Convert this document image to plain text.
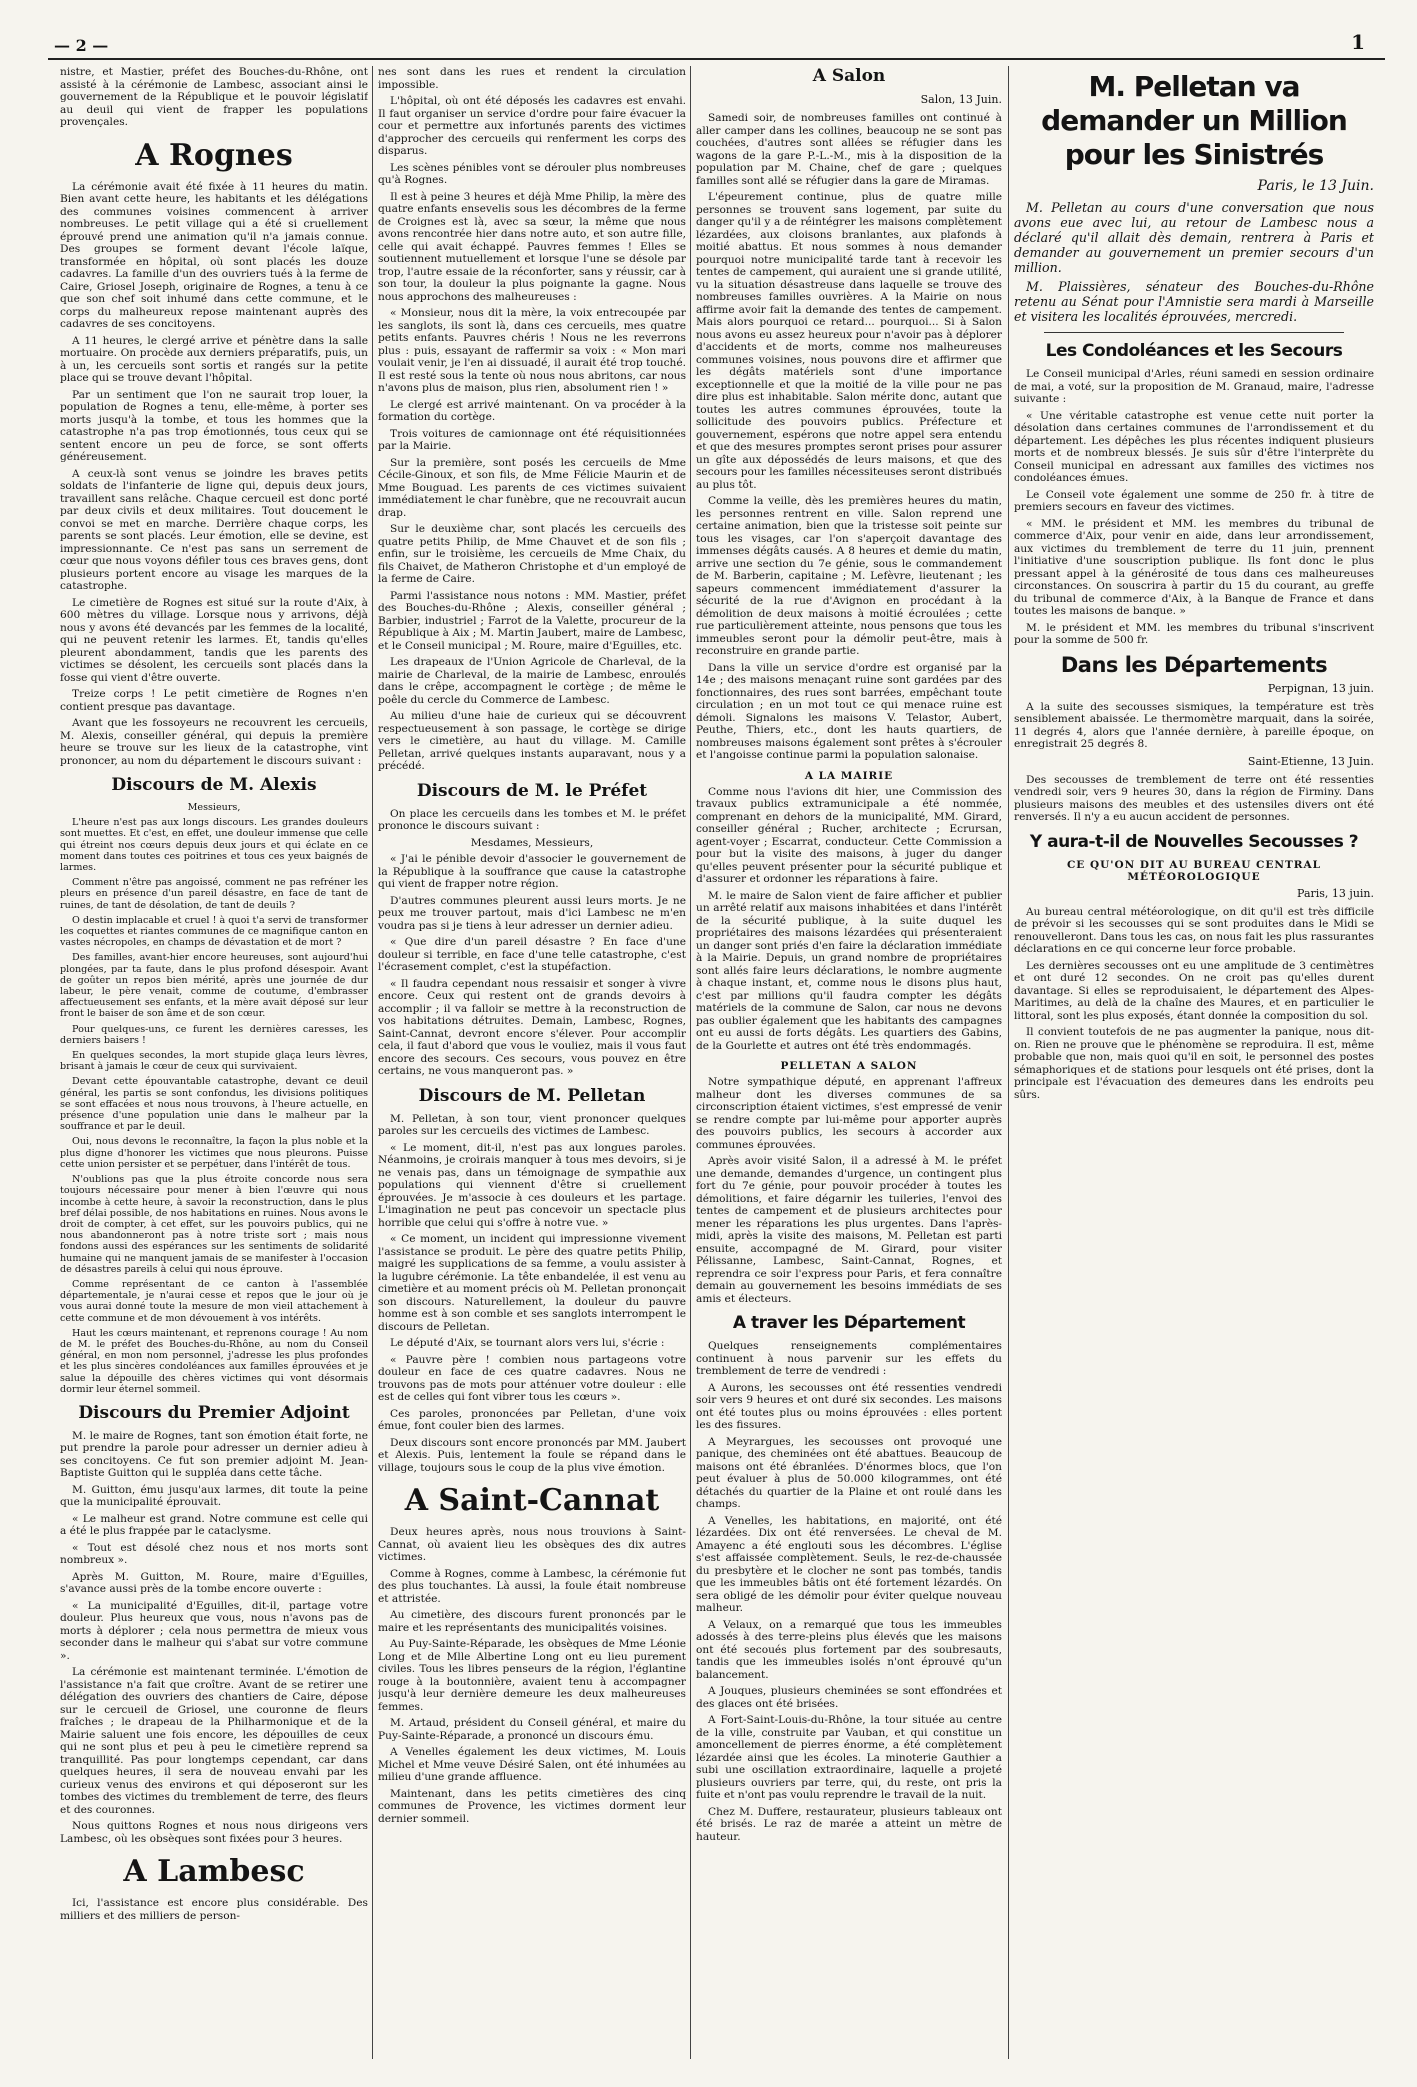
— 2 —	1

nistre, et Mastier, préfet des Bouches-du-Rhône, ont assisté à la cérémonie de Lambesc, associant ainsi le gouvernement de la République et le pouvoir législatif au deuil qui vient de frapper les populations provençales.

A Rognes

La cérémonie avait été fixée à 11 heures du matin. Bien avant cette heure, les habitants et les délégations des communes voisines commencent à arriver nombreuses. Le petit village qui a été si cruellement éprouvé prend une animation qu'il n'a jamais connue. Des groupes se forment devant l'école laïque, transformée en hôpital, où sont placés les douze cadavres. La famille d'un des ouvriers tués à la ferme de Caire, Griosel Joseph, originaire de Rognes, a tenu à ce que son chef soit inhumé dans cette commune, et le corps du malheureux repose maintenant auprès des cadavres de ses concitoyens.

A 11 heures, le clergé arrive et pénètre dans la salle mortuaire. On procède aux derniers préparatifs, puis, un à un, les cercueils sont sortis et rangés sur la petite place qui se trouve devant l'hôpital.

Par un sentiment que l'on ne saurait trop louer, la population de Rognes a tenu, elle-même, à porter ses morts jusqu'à la tombe, et tous les hommes que la catastrophe n'a pas trop émotionnés, tous ceux qui se sentent encore un peu de force, se sont offerts généreusement.

A ceux-là sont venus se joindre les braves petits soldats de l'infanterie de ligne qui, depuis deux jours, travaillent sans relâche. Chaque cercueil est donc porté par deux civils et deux militaires. Tout doucement le convoi se met en marche. Derrière chaque corps, les parents se sont placés. Leur émotion, elle se devine, est impressionnante. Ce n'est pas sans un serrement de cœur que nous voyons défiler tous ces braves gens, dont plusieurs portent encore au visage les marques de la catastrophe.

Le cimetière de Rognes est situé sur la route d'Aix, à 600 mètres du village. Lorsque nous y arrivons, déjà nous y avons été devancés par les femmes de la localité, qui ne peuvent retenir les larmes. Et, tandis qu'elles pleurent abondamment, tandis que les parents des victimes se désolent, les cercueils sont placés dans la fosse qui vient d'être ouverte.

Treize corps ! Le petit cimetière de Rognes n'en contient presque pas davantage.

Avant que les fossoyeurs ne recouvrent les cercueils, M. Alexis, conseiller général, qui depuis la première heure se trouve sur les lieux de la catastrophe, vint prononcer, au nom du département le discours suivant :

Discours de M. Alexis

Messieurs,

L'heure n'est pas aux longs discours. Les grandes douleurs sont muettes. Et c'est, en effet, une douleur immense que celle qui étreint nos cœurs depuis deux jours et qui éclate en ce moment dans toutes ces poitrines et tous ces yeux baignés de larmes.

Comment n'être pas angoissé, comment ne pas refréner les pleurs en présence d'un pareil désastre, en face de tant de ruines, de tant de désolation, de tant de deuils ?

O destin implacable et cruel ! à quoi t'a servi de transformer les coquettes et riantes communes de ce magnifique canton en vastes nécropoles, en champs de dévastation et de mort ?

Des familles, avant-hier encore heureuses, sont aujourd'hui plongées, par ta faute, dans le plus profond désespoir. Avant de goûter un repos bien mérité, après une journée de dur labeur, le père venait, comme de coutume, d'embrasser affectueusement ses enfants, et la mère avait déposé sur leur front le baiser de son âme et de son cœur.

Pour quelques-uns, ce furent les dernières caresses, les derniers baisers !

En quelques secondes, la mort stupide glaça leurs lèvres, brisant à jamais le cœur de ceux qui survivaient.

Devant cette épouvantable catastrophe, devant ce deuil général, les partis se sont confondus, les divisions politiques se sont effacées et nous nous trouvons, à l'heure actuelle, en présence d'une population unie dans le malheur par la souffrance et par le deuil.

Oui, nous devons le reconnaître, la façon la plus noble et la plus digne d'honorer les victimes que nous pleurons. Puisse cette union persister et se perpétuer, dans l'intérêt de tous.

N'oublions pas que la plus étroite concorde nous sera toujours nécessaire pour mener à bien l'œuvre qui nous incombe à cette heure, à savoir la reconstruction, dans le plus bref délai possible, de nos habitations en ruines. Nous avons le droit de compter, à cet effet, sur les pouvoirs publics, qui ne nous abandonneront pas à notre triste sort ; mais nous fondons aussi des espérances sur les sentiments de solidarité humaine qui ne manquent jamais de se manifester à l'occasion de désastres pareils à celui qui nous éprouve.

Comme représentant de ce canton à l'assemblée départementale, je n'aurai cesse et repos que le jour où je vous aurai donné toute la mesure de mon vieil attachement à cette commune et de mon dévouement à vos intérêts.

Haut les cœurs maintenant, et reprenons courage ! Au nom de M. le préfet des Bouches-du-Rhône, au nom du Conseil général, en mon nom personnel, j'adresse les plus profondes et les plus sincères condoléances aux familles éprouvées et je salue la dépouille des chères victimes qui vont désormais dormir leur éternel sommeil.

Discours du Premier Adjoint

M. le maire de Rognes, tant son émotion était forte, ne put prendre la parole pour adresser un dernier adieu à ses concitoyens. Ce fut son premier adjoint M. Jean-Baptiste Guitton qui le suppléa dans cette tâche.

M. Guitton, ému jusqu'aux larmes, dit toute la peine que la municipalité éprouvait.

« Le malheur est grand. Notre commune est celle qui a été le plus frappée par le cataclysme.

« Tout est désolé chez nous et nos morts sont nombreux ».

Après M. Guitton, M. Roure, maire d'Eguilles, s'avance aussi près de la tombe encore ouverte :

« La municipalité d'Eguilles, dit-il, partage votre douleur. Plus heureux que vous, nous n'avons pas de morts à déplorer ; cela nous permettra de mieux vous seconder dans le malheur qui s'abat sur votre commune ».

La cérémonie est maintenant terminée. L'émotion de l'assistance n'a fait que croître. Avant de se retirer une délégation des ouvriers des chantiers de Caire, dépose sur le cercueil de Griosel, une couronne de fleurs fraîches ; le drapeau de la Philharmonique et de la Mairie saluent une fois encore, les dépouilles de ceux qui ne sont plus et peu à peu le cimetière reprend sa tranquillité. Pas pour longtemps cependant, car dans quelques heures, il sera de nouveau envahi par les curieux venus des environs et qui déposeront sur les tombes des victimes du tremblement de terre, des fleurs et des couronnes.

Nous quittons Rognes et nous nous dirigeons vers Lambesc, où les obsèques sont fixées pour 3 heures.

A Lambesc

Ici, l'assistance est encore plus considérable. Des milliers et des milliers de person-

nes sont dans les rues et rendent la circulation impossible.

L'hôpital, où ont été déposés les cadavres est envahi. Il faut organiser un service d'ordre pour faire évacuer la cour et permettre aux infortunés parents des victimes d'approcher des cercueils qui renferment les corps des disparus.

Les scènes pénibles vont se dérouler plus nombreuses qu'à Rognes.

Il est à peine 3 heures et déjà Mme Philip, la mère des quatre enfants ensevelis sous les décombres de la ferme de Croignes est là, avec sa sœur, la même que nous avons rencontrée hier dans notre auto, et son autre fille, celle qui avait échappé. Pauvres femmes ! Elles se soutiennent mutuellement et lorsque l'une se désole par trop, l'autre essaie de la réconforter, sans y réussir, car à son tour, la douleur la plus poignante la gagne. Nous nous approchons des malheureuses :

« Monsieur, nous dit la mère, la voix entrecoupée par les sanglots, ils sont là, dans ces cercueils, mes quatre petits enfants. Pauvres chéris ! Nous ne les reverrons plus : puis, essayant de raffermir sa voix : « Mon mari voulait venir, je l'en ai dissuadé, il aurait été trop touché. Il est resté sous la tente où nous nous abritons, car nous n'avons plus de maison, plus rien, absolument rien ! »

Le clergé est arrivé maintenant. On va procéder à la formation du cortège.

Trois voitures de camionnage ont été réquisitionnées par la Mairie.

Sur la première, sont posés les cercueils de Mme Cécile-Ginoux, et son fils, de Mme Félicie Maurin et de Mme Bouguad. Les parents de ces victimes suivaient immédiatement le char funèbre, que ne recouvrait aucun drap.

Sur le deuxième char, sont placés les cercueils des quatre petits Philip, de Mme Chauvet et de son fils ; enfin, sur le troisième, les cercueils de Mme Chaix, du fils Chaivet, de Matheron Christophe et d'un employé de la ferme de Caire.

Parmi l'assistance nous notons : MM. Mastier, préfet des Bouches-du-Rhône ; Alexis, conseiller général ; Barbier, industriel ; Farrot de la Valette, procureur de la République à Aix ; M. Martin Jaubert, maire de Lambesc, et le Conseil municipal ; M. Roure, maire d'Eguilles, etc.

Les drapeaux de l'Union Agricole de Charleval, de la mairie de Charleval, de la mairie de Lambesc, enroulés dans le crêpe, accompagnent le cortège ; de même le poêle du cercle du Commerce de Lambesc.

Au milieu d'une haie de curieux qui se découvrent respectueusement à son passage, le cortège se dirige vers le cimetière, au haut du village. M. Camille Pelletan, arrivé quelques instants auparavant, nous y a précédé.

Discours de M. le Préfet

On place les cercueils dans les tombes et M. le préfet prononce le discours suivant :

Mesdames, Messieurs,

« J'ai le pénible devoir d'associer le gouvernement de la République à la souffrance que cause la catastrophe qui vient de frapper notre région.

D'autres communes pleurent aussi leurs morts. Je ne peux me trouver partout, mais d'ici Lambesc ne m'en voudra pas si je tiens à leur adresser un dernier adieu.

« Que dire d'un pareil désastre ? En face d'une douleur si terrible, en face d'une telle catastrophe, c'est l'écrasement complet, c'est la stupéfaction.

« Il faudra cependant nous ressaisir et songer à vivre encore. Ceux qui restent ont de grands devoirs à accomplir ; il va falloir se mettre à la reconstruction de vos habitations détruites. Demain, Lambesc, Rognes, Saint-Cannat, devront encore s'élever. Pour accomplir cela, il faut d'abord que vous le vouliez, mais il vous faut encore des secours. Ces secours, vous pouvez en être certains, ne vous manqueront pas. »

Discours de M. Pelletan

M. Pelletan, à son tour, vient prononcer quelques paroles sur les cercueils des victimes de Lambesc.

« Le moment, dit-il, n'est pas aux longues paroles. Néanmoins, je croirais manquer à tous mes devoirs, si je ne venais pas, dans un témoignage de sympathie aux populations qui viennent d'être si cruellement éprouvées. Je m'associe à ces douleurs et les partage. L'imagination ne peut pas concevoir un spectacle plus horrible que celui qui s'offre à notre vue. »

« Ce moment, un incident qui impressionne vivement l'assistance se produit. Le père des quatre petits Philip, maigré les supplications de sa femme, a voulu assister à la lugubre cérémonie. La tête enbandelée, il est venu au cimetière et au moment précis où M. Pelletan prononçait son discours. Naturellement, la douleur du pauvre homme est à son comble et ses sanglots interrompent le discours de Pelletan.

Le député d'Aix, se tournant alors vers lui, s'écrie :

« Pauvre père ! combien nous partageons votre douleur en face de ces quatre cadavres. Nous ne trouvons pas de mots pour atténuer votre douleur : elle est de celles qui font vibrer tous les cœurs ».

Ces paroles, prononcées par Pelletan, d'une voix émue, font couler bien des larmes.

Deux discours sont encore prononcés par MM. Jaubert et Alexis. Puis, lentement la foule se répand dans le village, toujours sous le coup de la plus vive émotion.

A Saint-Cannat

Deux heures après, nous nous trouvions à Saint-Cannat, où avaient lieu les obsèques des dix autres victimes.

Comme à Rognes, comme à Lambesc, la cérémonie fut des plus touchantes. Là aussi, la foule était nombreuse et attristée.

Au cimetière, des discours furent prononcés par le maire et les représentants des municipalités voisines.

Au Puy-Sainte-Réparade, les obsèques de Mme Léonie Long et de Mlle Albertine Long ont eu lieu purement civiles. Tous les libres penseurs de la région, l'églantine rouge à la boutonnière, avaient tenu à accompagner jusqu'à leur dernière demeure les deux malheureuses femmes.

M. Artaud, président du Conseil général, et maire du Puy-Sainte-Réparade, a prononcé un discours ému.

A Venelles également les deux victimes, M. Louis Michel et Mme veuve Désiré Salen, ont été inhumées au milieu d'une grande affluence.

Maintenant, dans les petits cimetières des cinq communes de Provence, les victimes dorment leur dernier sommeil.

A Salon
Salon, 13 Juin.

Samedi soir, de nombreuses familles ont continué à aller camper dans les collines, beaucoup ne se sont pas couchées, d'autres sont allées se réfugier dans les wagons de la gare P.-L.-M., mis à la disposition de la population par M. Chaine, chef de gare ; quelques familles sont allé se réfugier dans la gare de Miramas.

L'épeurement continue, plus de quatre mille personnes se trouvent sans logement, par suite du danger qu'il y a de réintégrer les maisons complètement lézardées, aux cloisons branlantes, aux plafonds à moitié abattus. Et nous sommes à nous demander pourquoi notre municipalité tarde tant à recevoir les tentes de campement, qui auraient une si grande utilité, vu la situation désastreuse dans laquelle se trouve des nombreuses familles ouvrières. A la Mairie on nous affirme avoir fait la demande des tentes de campement. Mais alors pourquoi ce retard... pourquoi... Si à Salon nous avons eu assez heureux pour n'avoir pas à déplorer d'accidents et de morts, comme nos malheureuses communes voisines, nous pouvons dire et affirmer que les dégâts matériels sont d'une importance exceptionnelle et que la moitié de la ville pour ne pas dire plus est inhabitable. Salon mérite donc, autant que toutes les autres communes éprouvées, toute la sollicitude des pouvoirs publics. Préfecture et gouvernement, espérons que notre appel sera entendu et que des mesures promptes seront prises pour assurer un gîte aux dépossédés de leurs maisons, et que des secours pour les familles nécessiteuses seront distribués au plus tôt.

Comme la veille, dès les premières heures du matin, les personnes rentrent en ville. Salon reprend une certaine animation, bien que la tristesse soit peinte sur tous les visages, car l'on s'aperçoit davantage des immenses dégâts causés. A 8 heures et demie du matin, arrive une section du 7e génie, sous le commandement de M. Barberin, capitaine ; M. Lefèvre, lieutenant ; les sapeurs commencent immédiatement d'assurer la sécurité de la rue d'Avignon en procédant à la démolition de deux maisons à moitié écroulées ; cette rue particulièrement atteinte, nous pensons que tous les immeubles seront pour la démolir peut-être, mais à reconstruire en grande partie.

Dans la ville un service d'ordre est organisé par la 14e ; des maisons menaçant ruine sont gardées par des fonctionnaires, des rues sont barrées, empêchant toute circulation ; en un mot tout ce qui menace ruine est démoli. Signalons les maisons V. Telastor, Aubert, Peuthe, Thiers, etc., dont les hauts quartiers, de nombreuses maisons également sont prêtes à s'écrouler et l'angoisse continue parmi la population salonaise.

A LA MAIRIE

Comme nous l'avions dit hier, une Commission des travaux publics extramunicipale a été nommée, comprenant en dehors de la municipalité, MM. Girard, conseiller général ; Rucher, architecte ; Ecrursan, agent-voyer ; Escarrat, conducteur. Cette Commission a pour but la visite des maisons, à juger du danger qu'elles peuvent présenter pour la sécurité publique et d'assurer et ordonner les réparations à faire.

M. le maire de Salon vient de faire afficher et publier un arrêté relatif aux maisons inhabitées et dans l'intérêt de la sécurité publique, à la suite duquel les propriétaires des maisons lézardées qui présenteraient un danger sont priés d'en faire la déclaration immédiate à la Mairie. Depuis, un grand nombre de propriétaires sont allés faire leurs déclarations, le nombre augmente à chaque instant, et, comme nous le disons plus haut, c'est par millions qu'il faudra compter les dégâts matériels de la commune de Salon, car nous ne devons pas oublier également que les habitants des campagnes ont eu aussi de forts dégâts. Les quartiers des Gabins, de la Gourlette et autres ont été très endommagés.

PELLETAN A SALON

Notre sympathique député, en apprenant l'affreux malheur dont les diverses communes de sa circonscription étaient victimes, s'est empressé de venir se rendre compte par lui-même pour apporter auprès des pouvoirs publics, les secours à accorder aux communes éprouvées.

Après avoir visité Salon, il a adressé à M. le préfet une demande, demandes d'urgence, un contingent plus fort du 7e génie, pour pouvoir procéder à toutes les démolitions, et faire dégarnir les tuileries, l'envoi des tentes de campement et de plusieurs architectes pour mener les réparations les plus urgentes. Dans l'après-midi, après la visite des maisons, M. Pelletan est parti ensuite, accompagné de M. Girard, pour visiter Pélissanne, Lambesc, Saint-Cannat, Rognes, et reprendra ce soir l'express pour Paris, et fera connaître demain au gouvernement les besoins immédiats de ses amis et électeurs.

A traver les Département

Quelques renseignements complémentaires continuent à nous parvenir sur les effets du tremblement de terre de vendredi :

A Aurons, les secousses ont été ressenties vendredi soir vers 9 heures et ont duré six secondes. Les maisons ont été toutes plus ou moins éprouvées : elles portent les des fissures.

A Meyrargues, les secousses ont provoqué une panique, des cheminées ont été abattues. Beaucoup de maisons ont été ébranlées. D'énormes blocs, que l'on peut évaluer à plus de 50.000 kilogrammes, ont été détachés du quartier de la Plaine et ont roulé dans les champs.

A Venelles, les habitations, en majorité, ont été lézardées. Dix ont été renversées. Le cheval de M. Amayenc a été englouti sous les décombres. L'église s'est affaissée complètement. Seuls, le rez-de-chaussée du presbytère et le clocher ne sont pas tombés, tandis que les immeubles bâtis ont été fortement lézardés. On sera obligé de les démolir pour éviter quelque nouveau malheur.

A Velaux, on a remarqué que tous les immeubles adossés à des terre-pleins plus élevés que les maisons ont été secoués plus fortement par des soubresauts, tandis que les immeubles isolés n'ont éprouvé qu'un balancement.

A Jouques, plusieurs cheminées se sont effondrées et des glaces ont été brisées.

A Fort-Saint-Louis-du-Rhône, la tour située au centre de la ville, construite par Vauban, et qui constitue un amoncellement de pierres énorme, a été complètement lézardée ainsi que les écoles. La minoterie Gauthier a subi une oscillation extraordinaire, laquelle a projeté plusieurs ouvriers par terre, qui, du reste, ont pris la fuite et n'ont pas voulu reprendre le travail de la nuit.

Chez M. Duffere, restaurateur, plusieurs tableaux ont été brisés. Le raz de marée a atteint un mètre de hauteur.

M. Pelletan va demander un Million pour les Sinistrés
Paris, le 13 Juin.

M. Pelletan au cours d'une conversation que nous avons eue avec lui, au retour de Lambesc nous a déclaré qu'il allait dès demain, rentrera à Paris et demander au gouvernement un premier secours d'un million.

M. Plaissières, sénateur des Bouches-du-Rhône retenu au Sénat pour l'Amnistie sera mardi à Marseille et visitera les localités éprouvées, mercredi.

Les Condoléances et les Secours

Le Conseil municipal d'Arles, réuni samedi en session ordinaire de mai, a voté, sur la proposition de M. Granaud, maire, l'adresse suivante :

« Une véritable catastrophe est venue cette nuit porter la désolation dans certaines communes de l'arrondissement et du département. Les dépêches les plus récentes indiquent plusieurs morts et de nombreux blessés. Je suis sûr d'être l'interprète du Conseil municipal en adressant aux familles des victimes nos condoléances émues.

Le Conseil vote également une somme de 250 fr. à titre de premiers secours en faveur des victimes.

« MM. le président et MM. les membres du tribunal de commerce d'Aix, pour venir en aide, dans leur arrondissement, aux victimes du tremblement de terre du 11 juin, prennent l'initiative d'une souscription publique. Ils font donc le plus pressant appel à la générosité de tous dans ces malheureuses circonstances. On souscrira à partir du 15 du courant, au greffe du tribunal de commerce d'Aix, à la Banque de France et dans toutes les maisons de banque. »

M. le président et MM. les membres du tribunal s'inscrivent pour la somme de 500 fr.

Dans les Départements
Perpignan, 13 juin.

A la suite des secousses sismiques, la température est très sensiblement abaissée. Le thermomètre marquait, dans la soirée, 11 degrés 4, alors que l'année dernière, à pareille époque, on enregistrait 25 degrés 8.

Saint-Etienne, 13 Juin.

Des secousses de tremblement de terre ont été ressenties vendredi soir, vers 9 heures 30, dans la région de Firminy. Dans plusieurs maisons des meubles et des ustensiles divers ont été renversés. Il n'y a eu aucun accident de personnes.

Y aura-t-il de Nouvelles Secousses ?
CE QU'ON DIT AU BUREAU CENTRAL MÉTÉOROLOGIQUE
Paris, 13 juin.

Au bureau central météorologique, on dit qu'il est très difficile de prévoir si les secousses qui se sont produites dans le Midi se renouvelleront. Dans tous les cas, on nous fait les plus rassurantes déclarations en ce qui concerne leur force probable.

Les dernières secousses ont eu une amplitude de 3 centimètres et ont duré 12 secondes. On ne croit pas qu'elles durent davantage. Si elles se reproduisaient, le département des Alpes-Maritimes, au delà de la chaîne des Maures, et en particulier le littoral, sont les plus exposés, étant donnée la composition du sol.

Il convient toutefois de ne pas augmenter la panique, nous dit-on. Rien ne prouve que le phénomène se reproduira. Il est, même probable que non, mais quoi qu'il en soit, le personnel des postes sémaphoriques et de stations pour lesquels ont été prises, dont la principale est l'évacuation des demeures dans les endroits peu sûrs.
